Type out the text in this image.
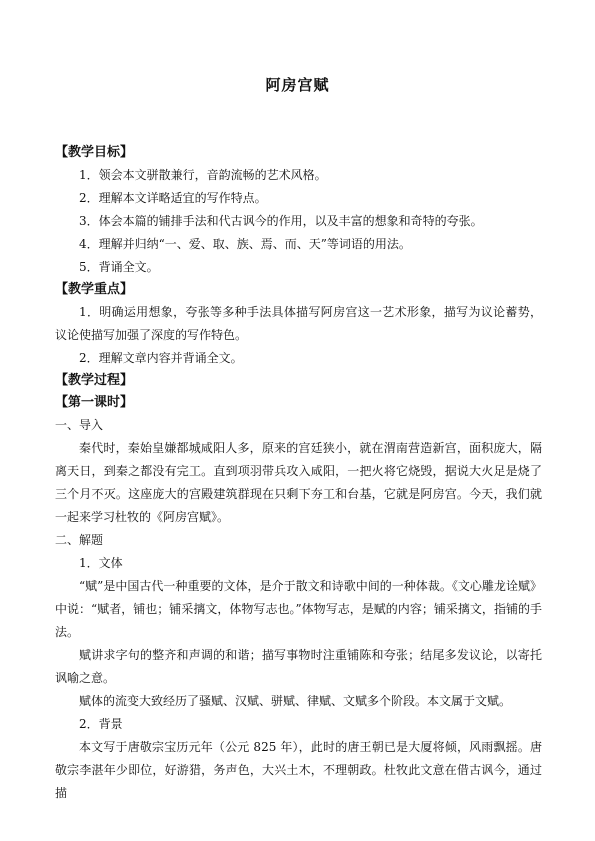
阿房宫赋
【教学目标】
1．领会本文骈散兼行，音韵流畅的艺术风格。
2．理解本文详略适宜的写作特点。
3．体会本篇的铺排手法和代古讽今的作用，以及丰富的想象和奇特的夸张。
4．理解并归纳“一、爱、取、族、焉、而、天”等词语的用法。
5．背诵全文。
【教学重点】
1．明确运用想象，夸张等多种手法具体描写阿房宫这一艺术形象，描写为议论蓄势，议论使描写加强了深度的写作特色。
2．理解文章内容并背诵全文。
【教学过程】
【第一课时】
一、导入
秦代时，秦始皇嫌都城咸阳人多，原来的宫廷狭小，就在渭南营造新宫，面积庞大，隔离天日，到秦之都没有完工。直到项羽带兵攻入咸阳，一把火将它烧毁，据说大火足是烧了三个月不灭。这座庞大的宫殿建筑群现在只剩下夯工和台基，它就是阿房宫。今天，我们就一起来学习杜牧的《阿房宫赋》。
二、解题
1．文体
“赋”是中国古代一种重要的文体，是介于散文和诗歌中间的一种体裁。《文心雕龙诠赋》中说：“赋者，铺也；铺采摛文，体物写志也。”体物写志，是赋的内容；铺采摛文，指铺的手法。
赋讲求字句的整齐和声调的和谐；描写事物时注重铺陈和夸张；结尾多发议论，以寄托讽喻之意。
赋体的流变大致经历了骚赋、汉赋、骈赋、律赋、文赋多个阶段。本文属于文赋。
2．背景
本文写于唐敬宗宝历元年（公元 825 年），此时的唐王朝已是大厦将倾，风雨飘摇。唐敬宗李湛年少即位，好游猎，务声色，大兴土木，不理朝政。杜牧此文意在借古讽今，通过描
